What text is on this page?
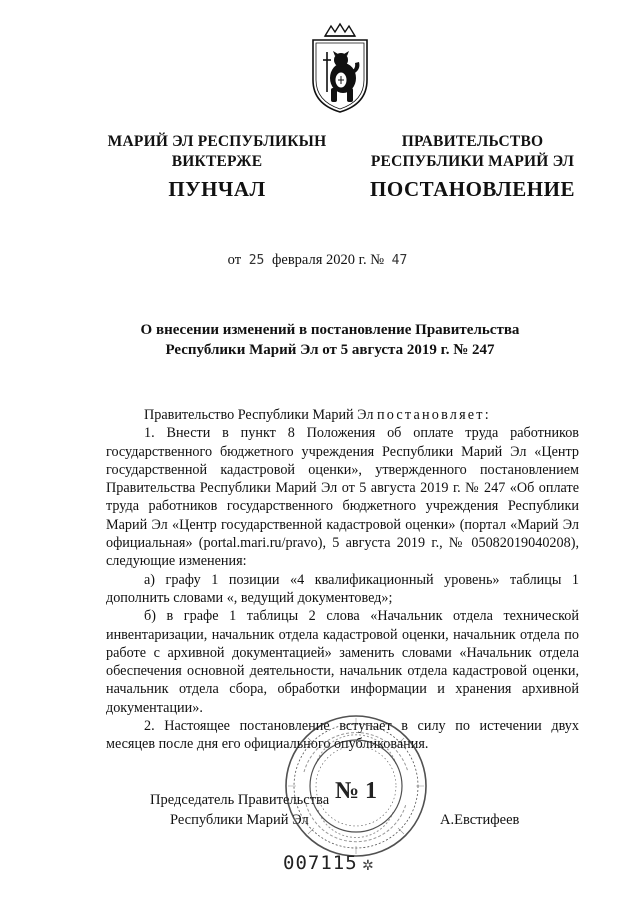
МАРИЙ ЭЛ РЕСПУБЛИКЫН
ВИКТЕРЖЕ
ПРАВИТЕЛЬСТВО
РЕСПУБЛИКИ МАРИЙ ЭЛ
ПУНЧАЛ	ПОСТАНОВЛЕНИЕ
от 25 февраля 2020 г. № 47
О внесении изменений в постановление Правительства
Республики Марий Эл от 5 августа 2019 г. № 247

Правительство Республики Марий Эл постановляет:

1. Внести в пункт 8 Положения об оплате труда работников государственного бюджетного учреждения Республики Марий Эл «Центр государственной кадастровой оценки», утвержденного постановлением Правительства Республики Марий Эл от 5 августа 2019 г. № 247 «Об оплате труда работников государственного бюджетного учреждения Республики Марий Эл «Центр государственной кадастровой оценки» (портал «Марий Эл официальная» (portal.mari.ru/pravo), 5 августа 2019 г., № 05082019040208), следующие изменения:

а) графу 1 позиции «4 квалификационный уровень» таблицы 1 дополнить словами «, ведущий документовед»;

б) в графе 1 таблицы 2 слова «Начальник отдела технической инвентаризации, начальник отдела кадастровой оценки, начальник отдела по работе с архивной документацией» заменить словами «Начальник отдела обеспечения основной деятельности, начальник отдела кадастровой оценки, начальник отдела сбора, обработки информации и хранения архивной документации».

2. Настоящее постановление вступает в силу по истечении двух месяцев после дня его официального опубликования.

Председатель Правительства
Республики Марий Эл	А.Евстифеев
№ 1
007115 ✲
